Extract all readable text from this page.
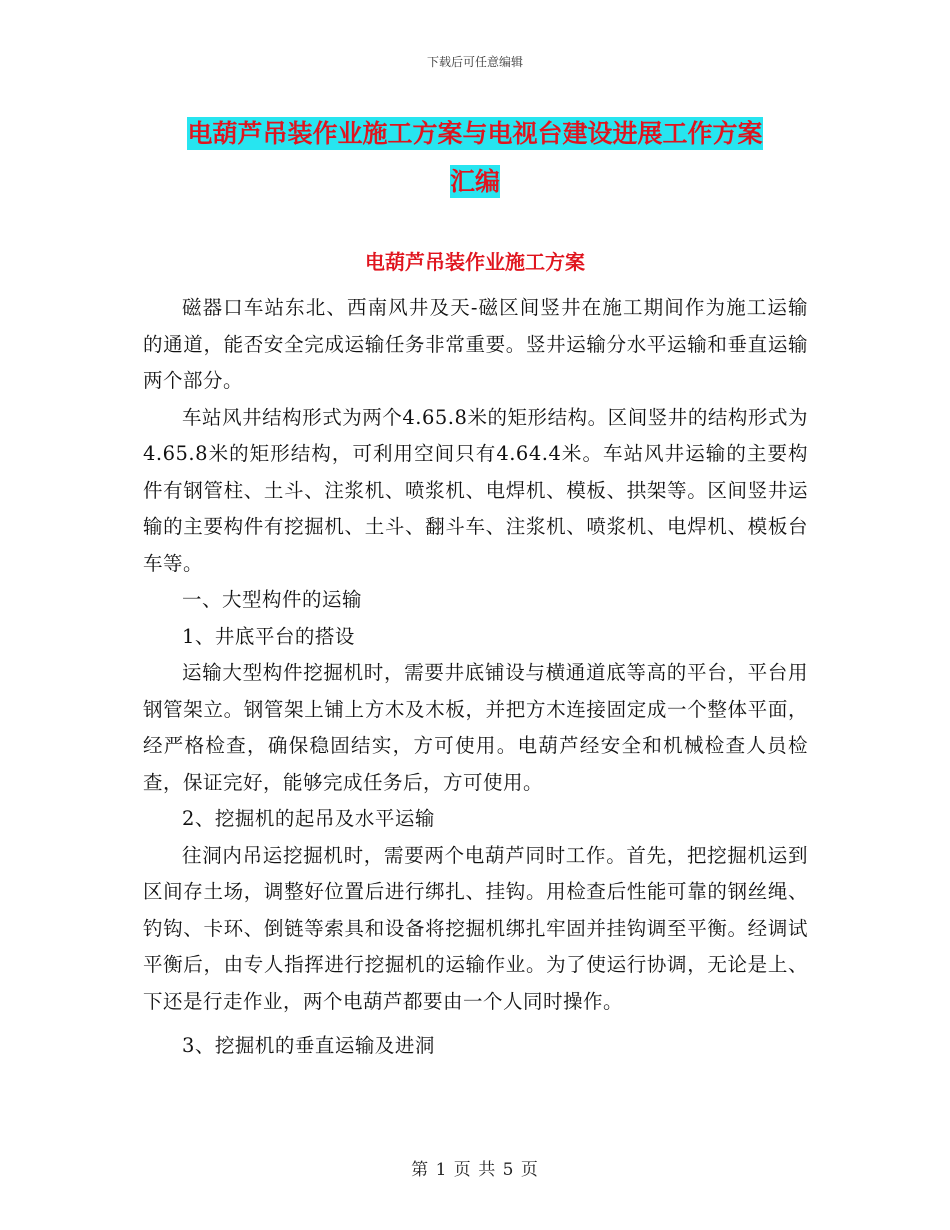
下载后可任意编辑
电葫芦吊装作业施工方案与电视台建设进展工作方案
汇编
电葫芦吊装作业施工方案

磁器口车站东北、西南风井及天-磁区间竖井在施工期间作为施工运输的通道，能否安全完成运输任务非常重要。竖井运输分水平运输和垂直运输两个部分。

车站风井结构形式为两个4.65.8米的矩形结构。区间竖井的结构形式为4.65.8米的矩形结构，可利用空间只有4.64.4米。车站风井运输的主要构件有钢管柱、土斗、注浆机、喷浆机、电焊机、模板、拱架等。区间竖井运输的主要构件有挖掘机、土斗、翻斗车、注浆机、喷浆机、电焊机、模板台车等。

一、大型构件的运输

1、井底平台的搭设

运输大型构件挖掘机时，需要井底铺设与横通道底等高的平台，平台用钢管架立。钢管架上铺上方木及木板，并把方木连接固定成一个整体平面，经严格检查，确保稳固结实，方可使用。电葫芦经安全和机械检查人员检查，保证完好，能够完成任务后，方可使用。

2、挖掘机的起吊及水平运输

往洞内吊运挖掘机时，需要两个电葫芦同时工作。首先，把挖掘机运到区间存土场，调整好位置后进行绑扎、挂钩。用检查后性能可靠的钢丝绳、钓钩、卡环、倒链等索具和设备将挖掘机绑扎牢固并挂钩调至平衡。经调试平衡后，由专人指挥进行挖掘机的运输作业。为了使运行协调，无论是上、下还是行走作业，两个电葫芦都要由一个人同时操作。

3、挖掘机的垂直运输及进洞

第 1 页 共 5 页
